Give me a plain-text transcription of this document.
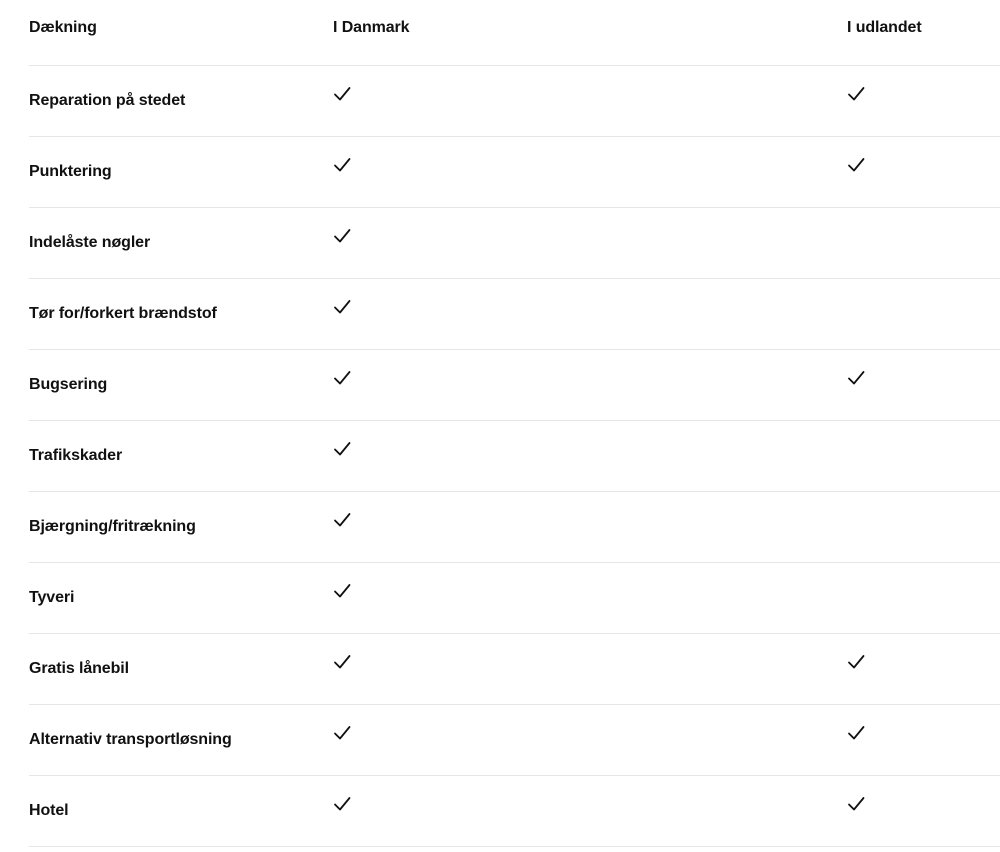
Dækning	I Danmark	I udlandet
Reparation på stedet
Punktering
Indelåste nøgler
Tør for/forkert brændstof
Bugsering
Trafikskader
Bjærgning/fritrækning
Tyveri
Gratis lånebil
Alternativ transportløsning
Hotel
